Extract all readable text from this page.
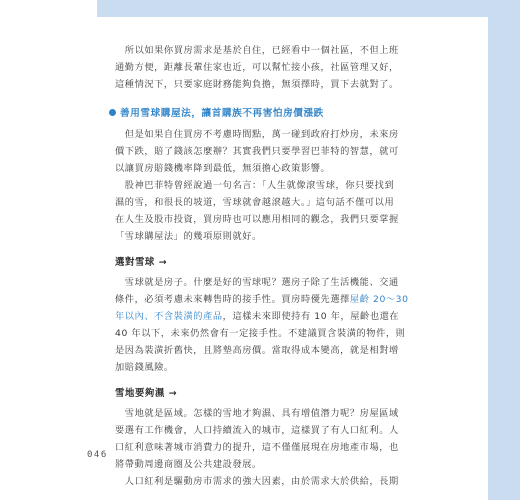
　所以如果你買房需求是基於自住，已經看中一個社區，不但上班
通勤方便，距離長輩住家也近，可以幫忙接小孩，社區管理又好，
這種情況下，只要家庭財務能夠負擔，無須擇時，買下去就對了。
善用雪球購屋法，讓首購族不再害怕房價漲跌
　但是如果自住買房不考慮時間點，萬一碰到政府打炒房，未來房
價下跌，賠了錢該怎麼辦？其實我們只要學習巴菲特的智慧，就可
以讓買房賠錢機率降到最低，無須擔心政策影響。
　股神巴菲特曾經說過一句名言：「人生就像滾雪球，你只要找到
濕的雪，和很長的坡道，雪球就會越滾越大。」這句話不僅可以用
在人生及股市投資，買房時也可以應用相同的觀念，我們只要掌握
「雪球購屋法」的幾項原則就好。
選對雪球 →
　雪球就是房子。什麼是好的雪球呢？選房子除了生活機能、交通
條件，必須考慮未來轉售時的接手性。買房時優先選擇屋齡 20～30
年以內、不含裝潢的產品，這樣未來即使持有 10 年，屋齡也還在
40 年以下，未來仍然會有一定接手性。不建議買含裝潢的物件，則
是因為裝潢折舊快，且將墊高房價。當取得成本變高，就是相對增
加賠錢風險。
雪地要夠濕 →
　雪地就是區域。怎樣的雪地才夠濕、具有增值潛力呢？房屋區域
要選有工作機會，人口持續流入的城市，這樣買了有人口紅利。人
口紅利意味著城市消費力的提升，這不僅僅展現在房地產市場，也
將帶動周邊商圈及公共建設發展。
　人口紅利是驅動房市需求的強大因素，由於需求大於供給，長期
046
